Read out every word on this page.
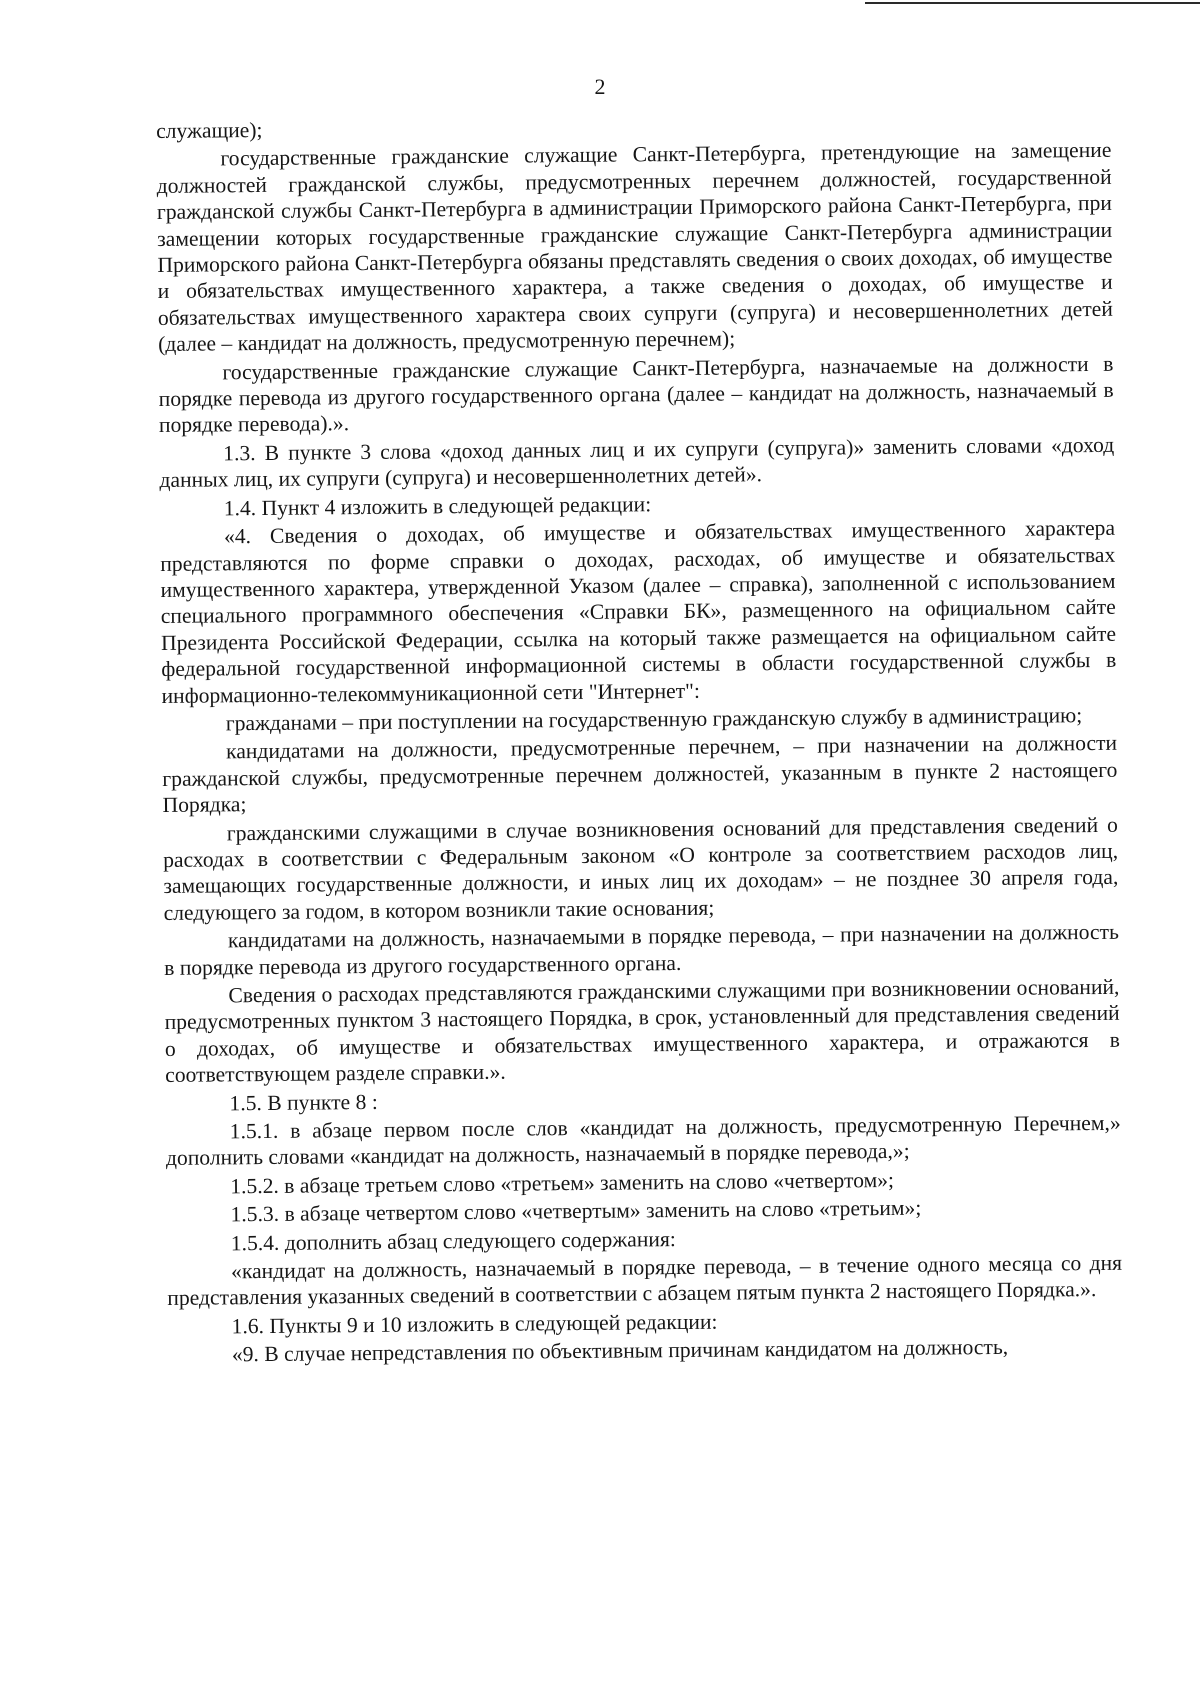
2

служащие);

государственные гражданские служащие Санкт-Петербурга, претендующие на замещение должностей гражданской службы, предусмотренных перечнем должностей, государственной гражданской службы Санкт-Петербурга в администрации Приморского района Санкт-Петербурга, при замещении которых государственные гражданские служащие Санкт-Петербурга администрации Приморского района Санкт-Петербурга обязаны представлять сведения о своих доходах, об имуществе и обязательствах имущественного характера, а также сведения о доходах, об имуществе и обязательствах имущественного характера своих супруги (супруга) и несовершеннолетних детей (далее – кандидат на должность, предусмотренную перечнем);

государственные гражданские служащие Санкт-Петербурга, назначаемые на должности в порядке перевода из другого государственного органа (далее – кандидат на должность, назначаемый в порядке перевода).».

1.3. В пункте 3 слова «доход данных лиц и их супруги (супруга)» заменить словами «доход данных лиц, их супруги (супруга) и несовершеннолетних детей».

1.4. Пункт 4 изложить в следующей редакции:

«4. Сведения о доходах, об имуществе и обязательствах имущественного характера представляются по форме справки о доходах, расходах, об имуществе и обязательствах имущественного характера, утвержденной Указом (далее – справка), заполненной с использованием специального программного обеспечения «Справки БК», размещенного на официальном сайте Президента Российской Федерации, ссылка на который также размещается на официальном сайте федеральной государственной информационной системы в области государственной службы в информационно-телекоммуникационной сети "Интернет":

гражданами – при поступлении на государственную гражданскую службу в администрацию;

кандидатами на должности, предусмотренные перечнем, – при назначении на должности гражданской службы, предусмотренные перечнем должностей, указанным в пункте 2 настоящего Порядка;

гражданскими служащими в случае возникновения оснований для представления сведений о расходах в соответствии с Федеральным законом «О контроле за соответствием расходов лиц, замещающих государственные должности, и иных лиц их доходам» – не позднее 30 апреля года, следующего за годом, в котором возникли такие основания;

кандидатами на должность, назначаемыми в порядке перевода, – при назначении на должность в порядке перевода из другого государственного органа.

Сведения о расходах представляются гражданскими служащими при возникновении оснований, предусмотренных пунктом 3 настоящего Порядка, в срок, установленный для представления сведений о доходах, об имуществе и обязательствах имущественного характера, и отражаются в соответствующем разделе справки.».

1.5. В пункте 8 :

1.5.1. в абзаце первом после слов «кандидат на должность, предусмотренную Перечнем,» дополнить словами «кандидат на должность, назначаемый в порядке перевода,»;

1.5.2. в абзаце третьем слово «третьем» заменить на слово «четвертом»;

1.5.3. в абзаце четвертом слово «четвертым» заменить на слово «третьим»;

1.5.4. дополнить абзац следующего содержания:

«кандидат на должность, назначаемый в порядке перевода, – в течение одного месяца со дня представления указанных сведений в соответствии с абзацем пятым пункта 2 настоящего Порядка.».

1.6. Пункты 9 и 10 изложить в следующей редакции:

«9. В случае непредставления по объективным причинам кандидатом на должность,
